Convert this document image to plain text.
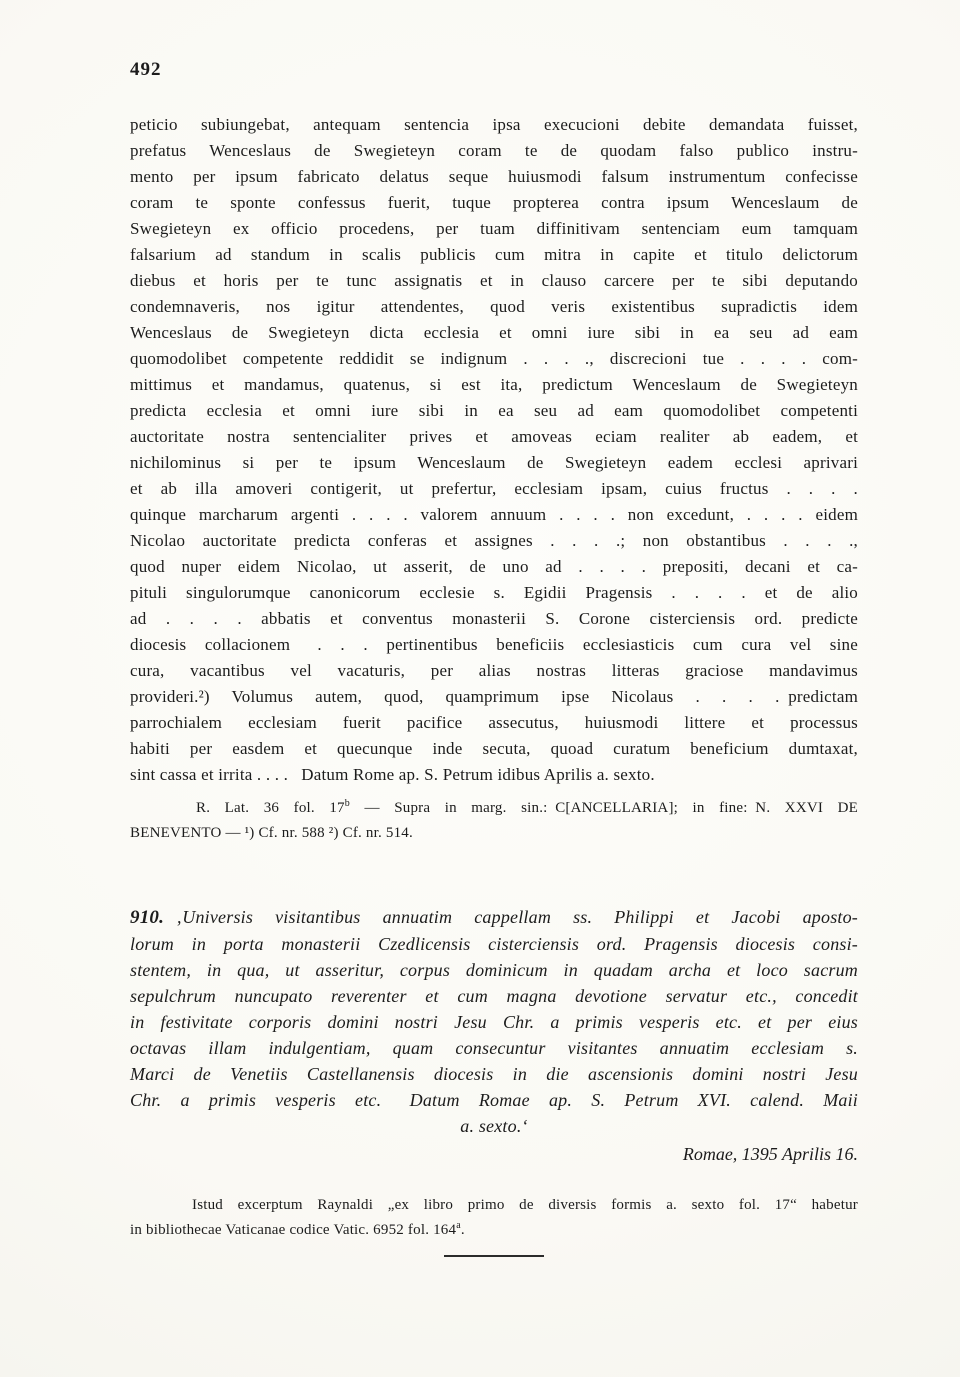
492
peticio subiungebat, antequam sentencia ipsa execucioni debite demandata fuisset,
prefatus Wenceslaus de Swegieteyn coram te de quodam falso publico instru-
mento per ipsum fabricato delatus seque huiusmodi falsum instrumentum confecisse
coram te sponte confessus fuerit, tuque propterea contra ipsum Wenceslaum de
Swegieteyn ex officio procedens, per tuam diffinitivam sentenciam eum tamquam
falsarium ad standum in scalis publicis cum mitra in capite et titulo delictorum
diebus et horis per te tunc assignatis et in clauso carcere per te sibi deputando
condemnaveris, nos igitur attendentes, quod veris existentibus supradictis idem
Wenceslaus de Swegieteyn dicta ecclesia et omni iure sibi in ea seu ad eam
quomodolibet competente reddidit se indignum . . . ., discrecioni tue . . . . com-
mittimus et mandamus, quatenus, si est ita, predictum Wenceslaum de Swegieteyn
predicta ecclesia et omni iure sibi in ea seu ad eam quomodolibet competenti
auctoritate nostra sentencialiter prives et amoveas eciam realiter ab eadem, et
nichilominus si per te ipsum Wenceslaum de Swegieteyn eadem ecclesi aprivari
et ab illa amoveri contigerit, ut prefertur, ecclesiam ipsam, cuius fructus . . . .
quinque marcharum argenti . . . . valorem annuum . . . . non excedunt, . . . . eidem
Nicolao auctoritate predicta conferas et assignes . . . .; non obstantibus . . . .,
quod nuper eidem Nicolao, ut asserit, de uno ad . . . . prepositi, decani et ca-
pituli singulorumque canonicorum ecclesie s. Egidii Pragensis . . . . et de alio
ad . . . . abbatis et conventus monasterii S. Corone cisterciensis ord. predicte
diocesis collacionem  . . . pertinentibus beneficiis ecclesiasticis cum cura vel sine
cura, vacantibus vel vacaturis, per alias nostras litteras graciose mandavimus
provideri.²) Volumus autem, quod, quamprimum ipse Nicolaus . . . . predictam
parrochialem ecclesiam fuerit pacifice assecutus, huiusmodi littere et processus
habiti per easdem et quecunque inde secuta, quoad curatum beneficium dumtaxat,
sint cassa et irrita . . . .  Datum Rome ap. S. Petrum idibus Aprilis a. sexto.
R. Lat. 36 fol. 17$^b$ — Supra in marg. sin.: C[ANCELLARIA]; in fine: N. XXVI DE
BENEVENTO — ¹) Cf. nr. 588 ²) Cf. nr. 514.
910. ‚Universis visitantibus annuatim cappellam ss. Philippi et Jacobi aposto-
lorum in porta monasterii Czedlicensis cisterciensis ord. Pragensis diocesis consi-
stentem, in qua, ut asseritur, corpus dominicum in quadam archa et loco sacrum
sepulchrum nuncupato reverenter et cum magna devotione servatur etc., concedit
in festivitate corporis domini nostri Jesu Chr. a primis vesperis etc. et per eius
octavas illam indulgentiam, quam consecuntur visitantes annuatim ecclesiam s.
Marci de Venetiis Castellanensis diocesis in die ascensionis domini nostri Jesu
Chr. a primis vesperis etc.  Datum Romae ap. S. Petrum XVI. calend. Maii
a. sexto.‘
Romae, 1395 Aprilis 16.
Istud excerptum Raynaldi „ex libro primo de diversis formis a. sexto fol. 17“ habetur
in bibliothecae Vaticanae codice Vatic. 6952 fol. 164$^a$.
